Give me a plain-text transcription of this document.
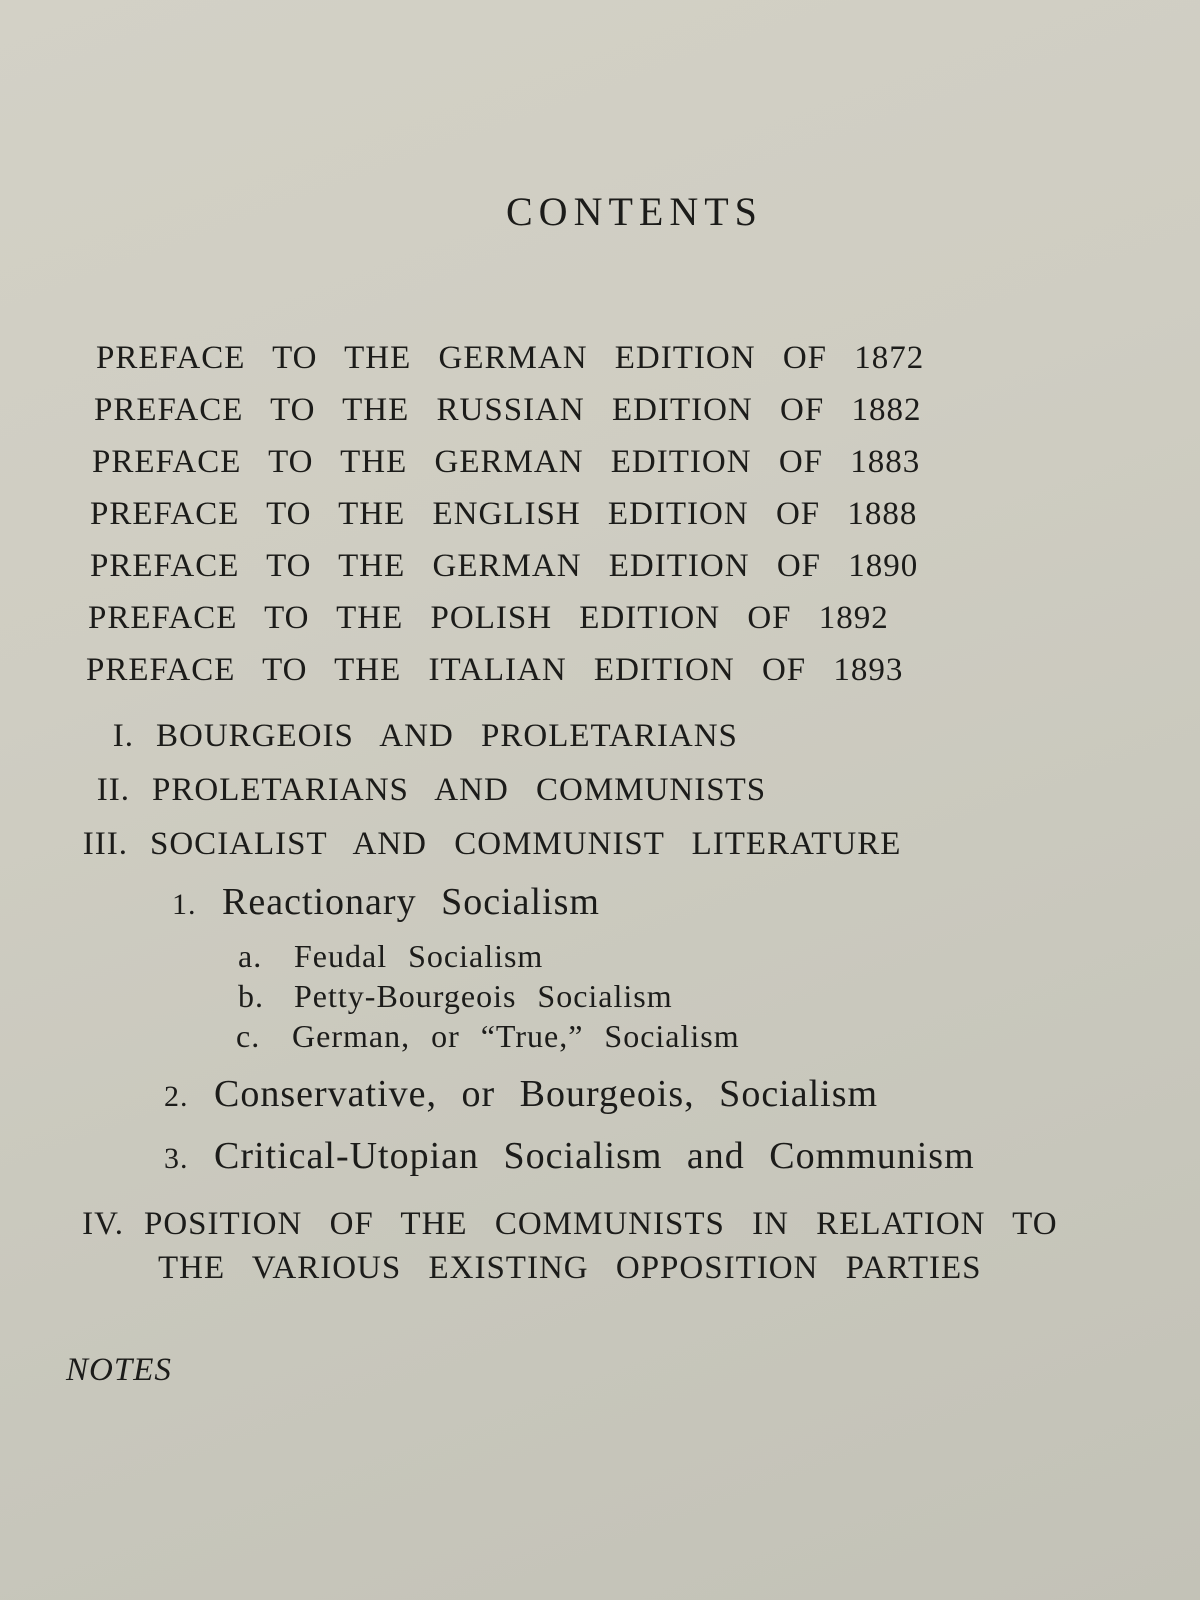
CONTENTS
PREFACE TO THE GERMAN EDITION OF 1872
PREFACE TO THE RUSSIAN EDITION OF 1882
PREFACE TO THE GERMAN EDITION OF 1883
PREFACE TO THE ENGLISH EDITION OF 1888
PREFACE TO THE GERMAN EDITION OF 1890
PREFACE TO THE POLISH EDITION OF 1892
PREFACE TO THE ITALIAN EDITION OF 1893
I. BOURGEOIS AND PROLETARIANS
II. PROLETARIANS AND COMMUNISTS
III. SOCIALIST AND COMMUNIST LITERATURE
1. Reactionary Socialism
a. Feudal Socialism
b. Petty-Bourgeois Socialism
c. German, or “True,” Socialism
2. Conservative, or Bourgeois, Socialism
3. Critical-Utopian Socialism and Communism
IV. POSITION OF THE COMMUNISTS IN RELATION TO
THE VARIOUS EXISTING OPPOSITION PARTIES
NOTES
